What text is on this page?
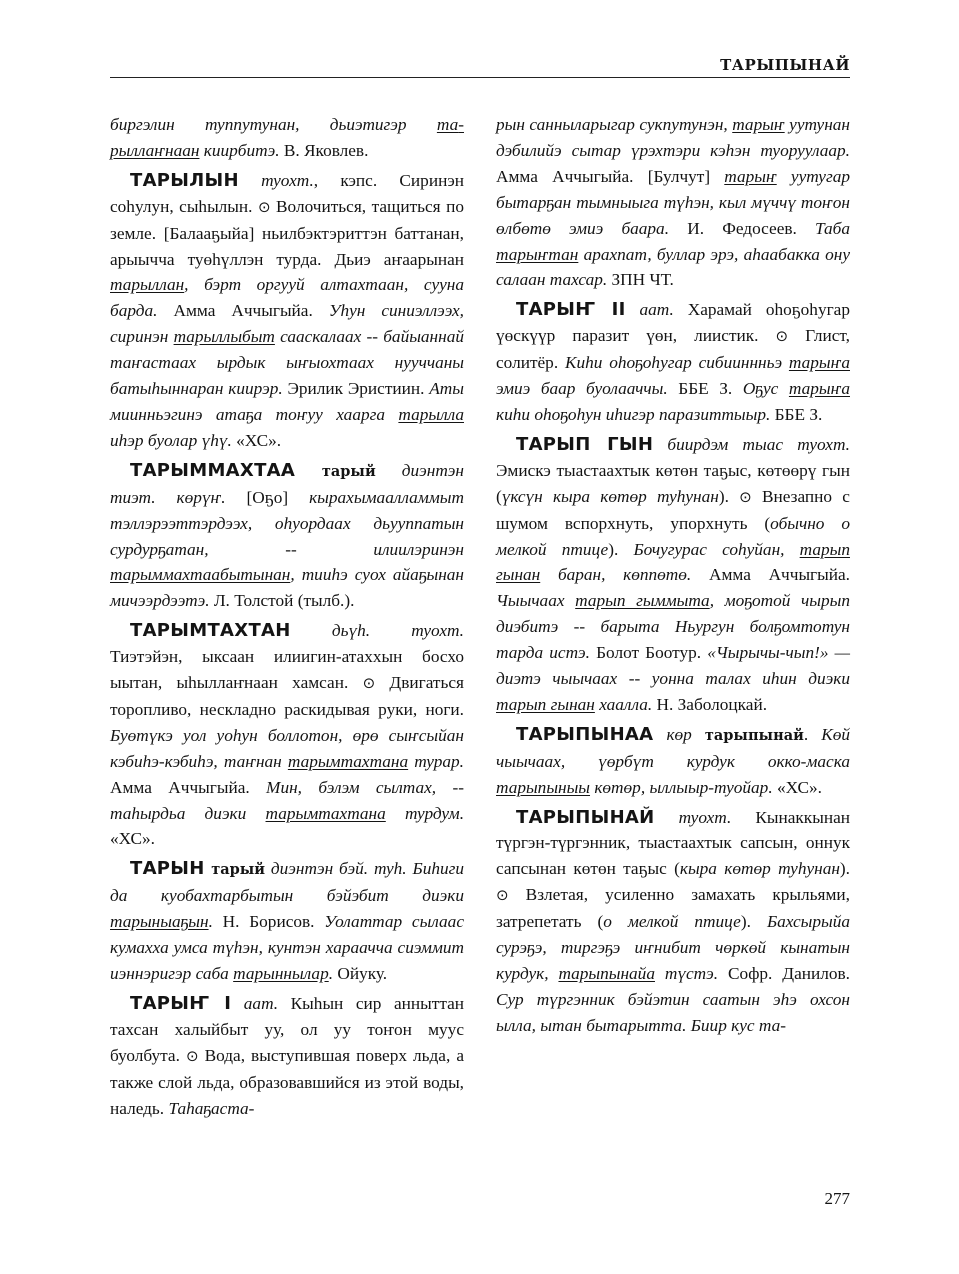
ТАРЫПЫНАЙ

биргэлин туппутунан, дьиэтигэр тарыллаҥнаан киирбитэ. В. Яковлев.

ТАРЫЛЫН туохт., кэпс. Сиринэн соһулун, сыһылын. ⊙ Волочиться, тащиться по земле. [Балааҕыйа] ньилбэктэриттэн баттанан, арыычча туөһүллэн турда. Дьиэ аҥаарынан тарыллан, бэрт оргууй алтахтаан, сууна барда. Амма Аччыгыйа. Уһун синиэллээх, сиринэн тарыллыбыт сааскалаах -- байыаннай таҥастаах ырдык ыҥыохтаах нууччаны батыһыннаран киирэр. Эрилик Эристиин. Аты миинньэгинэ атаҕа тоҥуу хаарга тарылла иһэр буолар үһү. «ХС».

ТАРЫММАХТАА тарый диэнтэн тиэт. көрүҥ. [Оҕо] кырахымаалламмыт тэллэрээттэрдээх, оһуордаах дьууппатын сурдурҕатан, -- илиилэринэн тарыммахтаабытынан, тииһэ суох айаҕынан мичээрдээтэ. Л. Толстой (тылб.).

ТАРЫМТАХТАН дьүһ. туохт. Тиэтэйэн, ыксаан илиигин-атаххын босхо ыытан, ыһыллаҥнаан хамсан. ⊙ Двигаться торопливо, нескладно раскидывая руки, ноги. Буөтүкэ уол уоһун боллотон, өрө сыҥсыйан кэбиһэ-кэбиһэ, таҥнан тарымтахтана турар. Амма Аччыгыйа. Мин, бэлэм сылтах, -- таһырдьа диэки тарымтахтана турдум. «ХС».

ТАРЫН тарый диэнтэн бэй. туһ. Биһиги да куобахтарбытын бэйэбит диэки тарыныаҕын. Н. Борисов. Уолаттар сылаас кумахха умса түһэн, кунтэн хараачча сиэммит иэннэригэр саба тарыннылар. Ойуку.

ТАРЫҤ I аат. Кыһын сир анныттан тахсан халыйбыт уу, ол уу тоҥон муус буолбута. ⊙ Вода, выступившая поверх льда, а также слой льда, образовавшийся из этой воды, наледь. Таһаҕаста-

рын санныларыгар сукпутунэн, тарыҥ уутунан дэбилийэ сытар үрэхтэри кэһэн туоруулаар. Амма Аччыгыйа. [Булчут] тарыҥ уутугар бытарҕан тымныыга түһэн, кыл мүччү тоҥон өлбөтө эмиэ баара. И. Федосеев. Таба тарыҥтан арахпат, буллар эрэ, аһаабакка ону салаан тахсар. ЗПН ЧТ.

ТАРЫҤ II аат. Харамай оһоҕоһугар үөскүүр паразит үөн, лиистик. ⊙ Глист, солитёр. Киһи оһоҕоһугар сибииннньэ тарыҥа эмиэ баар буолааччы. ББЕ З. Оҕус тарыҥа киһи оһоҕоһун иһигэр паразиттыыр. ББЕ З.

ТАРЫП ГЫН биирдэм тыас туохт. Эмискэ тыастаахтык көтөн таҕыс, көтөөрү гын (үксүн кыра көтөр туһунан). ⊙ Внезапно с шумом вспорхнуть, упорхнуть (обычно о мелкой птице). Бочугурас соһуйан, тарып гынан баран, көппөтө. Амма Аччыгыйа. Чыычаах тарып гыммыта, моҕотой чырып диэбитэ -- барыта Ньургун болҕомтотун тарда истэ. Болот Боотур. «Чырычы-чып!» — диэтэ чыычаах -- уонна талах иһин диэки тарып гынан хаалла. Н. Заболоцкай.

ТАРЫПЫНАА көр тарыпынай. Көй чыычаах, үөрбүт курдук окко-маска тарыпыныы көтөр, ыллыыр-туойар. «ХС».

ТАРЫПЫНАЙ туохт. Кынаккынан түргэн-түргэнник, тыастаахтык сапсын, оннук сапсынан көтөн таҕыс (кыра көтөр туһунан). ⊙ Взлетая, усиленно замахать крыльями, затрепетать (о мелкой птице). Бахсырыйа сурэҕэ, тиргэҕэ иҥнибит чөркөй кынатын курдук, тарыпынайа түстэ. Софр. Данилов. Сур түргэнник бэйэтин саатын эһэ охсон ылла, ытан бытарытта. Биир кус та-

277
